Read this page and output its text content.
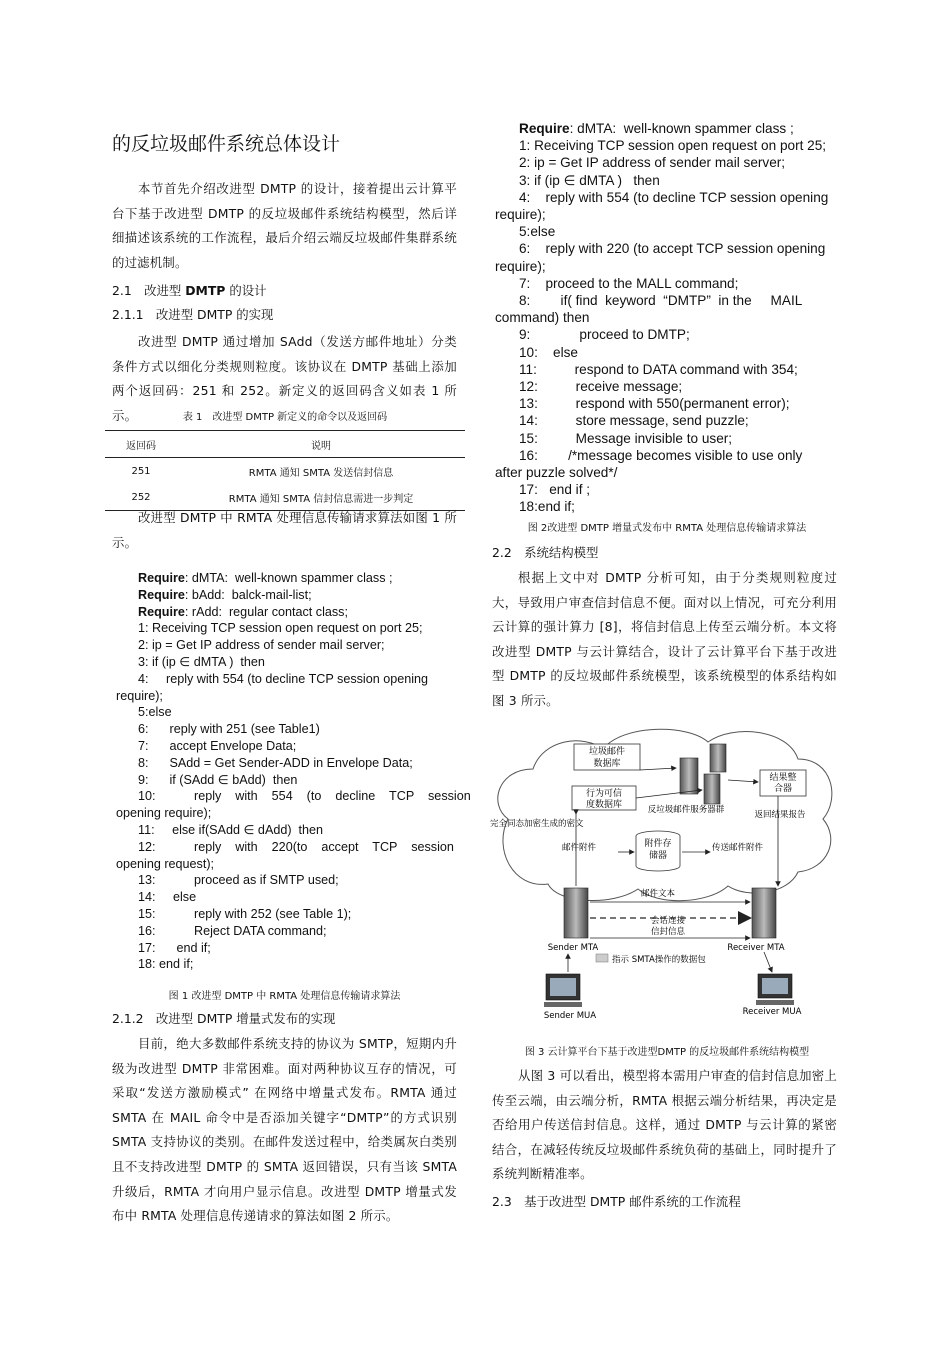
的反垃圾邮件系统总体设计
本节首先介绍改进型 DMTP 的设计，接着提出云计算平台下基于改进型 DMTP 的反垃圾邮件系统结构模型，然后详细描述该系统的工作流程，最后介绍云端反垃圾邮件集群系统的过滤机制。
2.1　改进型 DMTP 的设计
2.1.1　改进型 DMTP 的实现
改进型 DMTP 通过增加 SAdd（发送方邮件地址）分类条件方式以细化分类规则粒度。该协议在 DMTP 基础上添加两个返回码：251 和 252。新定义的返回码含义如表 1 所示。	表 1　改进型 DMTP 新定义的命令以及返回码
返回码	说明
251	RMTA 通知 SMTA 发送信封信息
252	RMTA 通知 SMTA 信封信息需进一步判定
改进型 DMTP 中 RMTA 处理信息传输请求算法如图 1 所示。
Require: dMTA:  well-known spammer class ;
Require: bAdd:  balck-mail-list;
Require: rAdd:  regular contact class;
1: Receiving TCP session open request on port 25;
2: ip = Get IP address of sender mail server;
3: if (ip ∈ dMTA )  then
4:     reply with 554 (to decline TCP session opening
require);
5:else
6:      reply with 251 (see Table1)
7:      accept Envelope Data;
8:      SAdd = Get Sender-ADD in Envelope Data;
9:      if (SAdd ∈ bAdd)  then
10:           reply    with    554    (to    decline    TCP    session
opening require);
11:     else if(SAdd ∈ dAdd)  then
12:           reply    with    220(to    accept    TCP    session
opening request);
13:           proceed as if SMTP used;
14:     else
15:           reply with 252 (see Table 1);
16:           Reject DATA command;
17:      end if;
18: end if;
图 1 改进型 DMTP 中 RMTA 处理信息传输请求算法
2.1.2　改进型 DMTP 增量式发布的实现
目前，绝大多数邮件系统支持的协议为 SMTP，短期内升级为改进型 DMTP 非常困难。面对两种协议互存的情况，可采取“发送方激励模式” 在网络中增量式发布。RMTA 通过 SMTA 在 MAIL 命令中是否添加关键字“DMTP”的方式识别 SMTA 支持协议的类别。在邮件发送过程中，给类属灰白类别且不支持改进型 DMTP 的 SMTA 返回错误，只有当该 SMTA 升级后，RMTA 才向用户显示信息。改进型 DMTP 增量式发布中 RMTA 处理信息传递请求的算法如图 2 所示。
Require: dMTA:  well-known spammer class ;
1: Receiving TCP session open request on port 25;
2: ip = Get IP address of sender mail server;
3: if (ip ∈ dMTA )   then
4:    reply with 554 (to decline TCP session opening
require);
5:else
6:    reply with 220 (to accept TCP session opening
require);
7:    proceed to the MALL command;
8:        if( find  keyword  “DMTP”  in the     MAIL
command) then
9:             proceed to DMTP;
10:    else
11:          respond to DATA command with 354;
12:          receive message;
13:          respond with 550(permanent error);
14:          store message, send puzzle;
15:          Message invisible to user;
16:        /*message becomes visible to use only
after puzzle solved*/
17:   end if ;
18:end if;
图 2改进型 DMTP 增量式发布中 RMTA 处理信息传输请求算法
2.2　系统结构模型
根据上文中对 DMTP 分析可知，由于分类规则粒度过大，导致用户审查信封信息不便。面对以上情况，可充分利用云计算的强计算力 [8]，将信封信息上传至云端分析。本文将改进型 DMTP 与云计算结合，设计了云计算平台下基于改进型 DMTP 的反垃圾邮件系统模型，该系统模型的体系结构如图 3 所示。
垃圾邮件
数据库
行为可信
度数据库	反垃圾邮件服务器群
结果整
合器
返回结果报告
完全同态加密生成的密文
邮件附件	附件存
储器
传送邮件附件
Sender MTA	Receiver MTA
邮件文本
会话连接
信封信息
指示 SMTA操作的数据包
Sender MUA	Receiver MUA
图 3 云计算平台下基于改进型DMTP 的反垃圾邮件系统结构模型
从图 3 可以看出，模型将本需用户审查的信封信息加密上传至云端，由云端分析，RMTA 根据云端分析结果，再决定是否给用户传送信封信息。这样，通过 DMTP 与云计算的紧密结合，在减轻传统反垃圾邮件系统负荷的基础上，同时提升了系统判断精准率。
2.3　基于改进型 DMTP 邮件系统的工作流程
